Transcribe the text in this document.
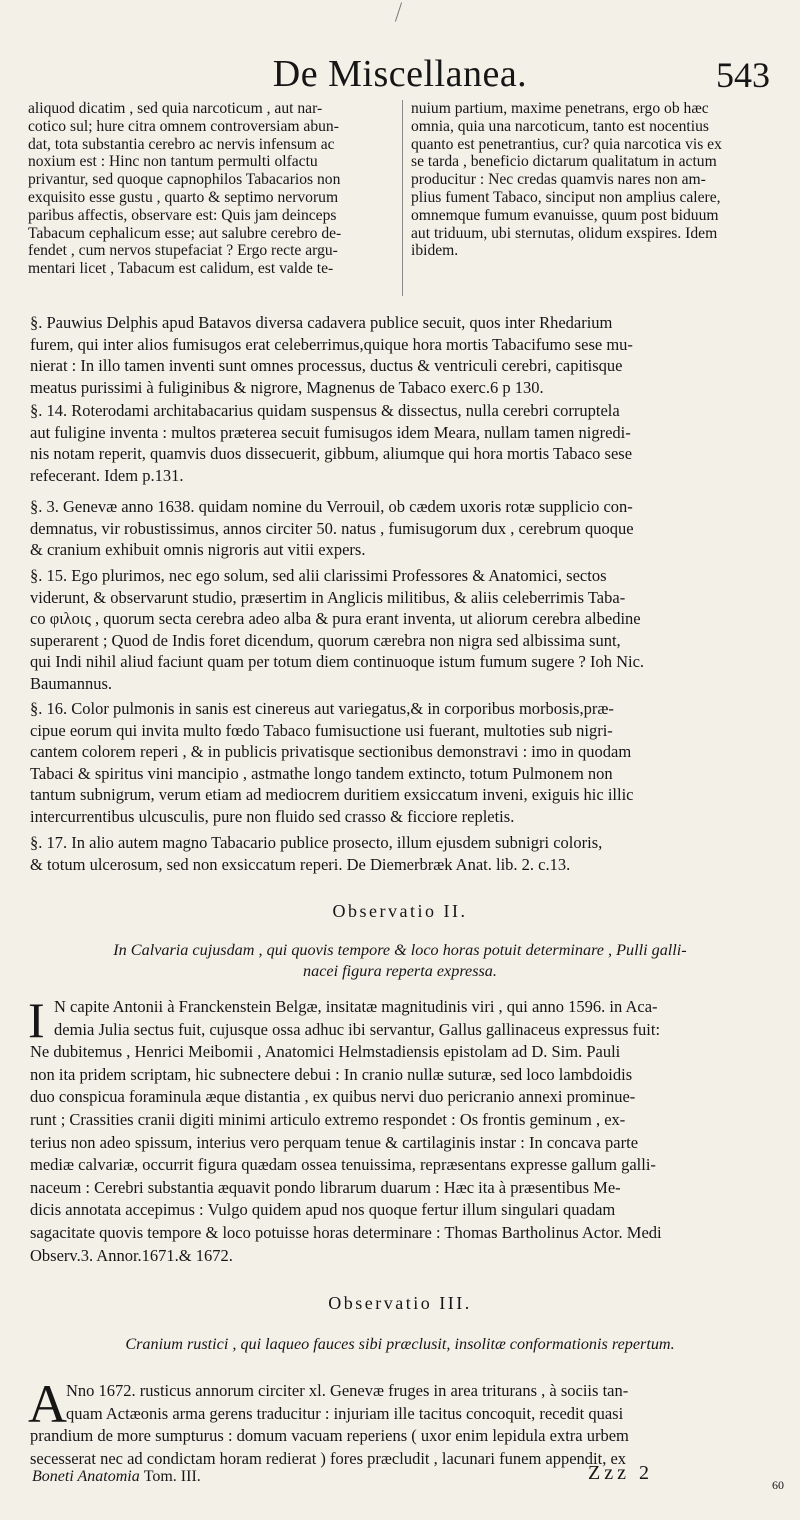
De Miscellanea.	543
aliquod dicatim , sed quia narcoticum , aut nar-
cotico sul; hure citra omnem controversiam abun-
dat, tota substantia cerebro ac nervis infensum ac
noxium est : Hinc non tantum permulti olfactu
privantur, sed quoque capnophilos Tabacarios non
exquisito esse gustu , quarto & septimo nervorum
paribus affectis, observare est: Quis jam deinceps
Tabacum cephalicum esse; aut salubre cerebro de-
fendet , cum nervos stupefaciat ? Ergo recte argu-
mentari licet , Tabacum est calidum, est valde te-
nuium partium, maxime penetrans, ergo ob hæc
omnia, quia una narcoticum, tanto est nocentius
quanto est penetrantius, cur? quia narcotica vis ex
se tarda , beneficio dictarum qualitatum in actum
producitur : Nec credas quamvis nares non am-
plius fument Tabaco, sinciput non amplius calere,
omnemque fumum evanuisse, quum post biduum
aut triduum, ubi sternutas, olidum exspires. Idem
ibidem.
§. Pauwius Delphis apud Batavos diversa cadavera publice secuit, quos inter Rhedarium
furem, qui inter alios fumisugos erat celeberrimus,quique hora mortis Tabacifumo sese mu-
nierat : In illo tamen inventi sunt omnes processus, ductus & ventriculi cerebri, capitisque
meatus purissimi à fuliginibus & nigrore, Magnenus de Tabaco exerc.6 p 130.
§. 14. Roterodami architabacarius quidam suspensus & dissectus, nulla cerebri corruptela
aut fuligine inventa : multos præterea secuit fumisugos idem Meara, nullam tamen nigredi-
nis notam reperit, quamvis duos dissecuerit, gibbum, aliumque qui hora mortis Tabaco sese
refecerant. Idem p.131.
§. 3. Genevæ anno 1638. quidam nomine du Verrouil, ob cædem uxoris rotæ supplicio con-
demnatus, vir robustissimus, annos circiter 50. natus , fumisugorum dux , cerebrum quoque
& cranium exhibuit omnis nigroris aut vitii expers.
§. 15. Ego plurimos, nec ego solum, sed alii clarissimi Professores & Anatomici, sectos
viderunt, & observarunt studio, præsertim in Anglicis militibus, & aliis celeberrimis Taba-
co φιλοις , quorum secta cerebra adeo alba & pura erant inventa, ut aliorum cerebra albedine
superarent ; Quod de Indis foret dicendum, quorum cærebra non nigra sed albissima sunt,
qui Indi nihil aliud faciunt quam per totum diem continuoque istum fumum sugere ? Ioh Nic.
Baumannus.
§. 16. Color pulmonis in sanis est cinereus aut variegatus,& in corporibus morbosis,præ-
cipue eorum qui invita multo fœdo Tabaco fumisuctione usi fuerant, multoties sub nigri-
cantem colorem reperi , & in publicis privatisque sectionibus demonstravi : imo in quodam
Tabaci & spiritus vini mancipio , astmathe longo tandem extincto, totum Pulmonem non
tantum subnigrum, verum etiam ad mediocrem duritiem exsiccatum inveni, exiguis hic illic
intercurrentibus ulcusculis, pure non fluido sed crasso & ficciore repletis.
§. 17. In alio autem magno Tabacario publice prosecto, illum ejusdem subnigri coloris,
& totum ulcerosum, sed non exsiccatum reperi. De Diemerbræk Anat. lib. 2. c.13.
Observatio II.
In Calvaria cujusdam , qui quovis tempore & loco horas potuit determinare , Pulli galli-
nacei figura reperta expressa.
I N capite Antonii à Franckenstein Belgæ, insitatæ magnitudinis viri , qui anno 1596. in Aca-
demia Julia sectus fuit, cujusque ossa adhuc ibi servantur, Gallus gallinaceus expressus fuit:
Ne dubitemus , Henrici Meibomii , Anatomici Helmstadiensis epistolam ad D. Sim. Pauli
non ita pridem scriptam, hic subnectere debui : In cranio nullæ suturæ, sed loco lambdoidis
duo conspicua foraminula æque distantia , ex quibus nervi duo pericranio annexi prominue-
runt ; Crassities cranii digiti minimi articulo extremo respondet : Os frontis geminum , ex-
terius non adeo spissum, interius vero perquam tenue & cartilaginis instar : In concava parte
mediæ calvariæ, occurrit figura quædam ossea tenuissima, repræsentans expresse gallum galli-
naceum : Cerebri substantia æquavit pondo librarum duarum : Hæc ita à præsentibus Me-
dicis annotata accepimus : Vulgo quidem apud nos quoque fertur illum singulari quadam
sagacitate quovis tempore & loco potuisse horas determinare : Thomas Bartholinus Actor. Medi
Observ.3. Annor.1671.& 1672.
Observatio III.
Cranium rustici , qui laqueo fauces sibi præclusit, insolitæ conformationis repertum.
A Nno 1672. rusticus annorum circiter xl. Genevæ fruges in area triturans , à sociis tan-
quam Actæonis arma gerens traducitur : injuriam ille tacitus concoquit, recedit quasi
prandium de more sumpturus : domum vacuam reperiens ( uxor enim lepidula extra urbem
secesserat nec ad condictam horam redierat ) fores præcludit , lacunari funem appendit, ex
Boneti Anatomia Tom. III.	Zzz 2
60
